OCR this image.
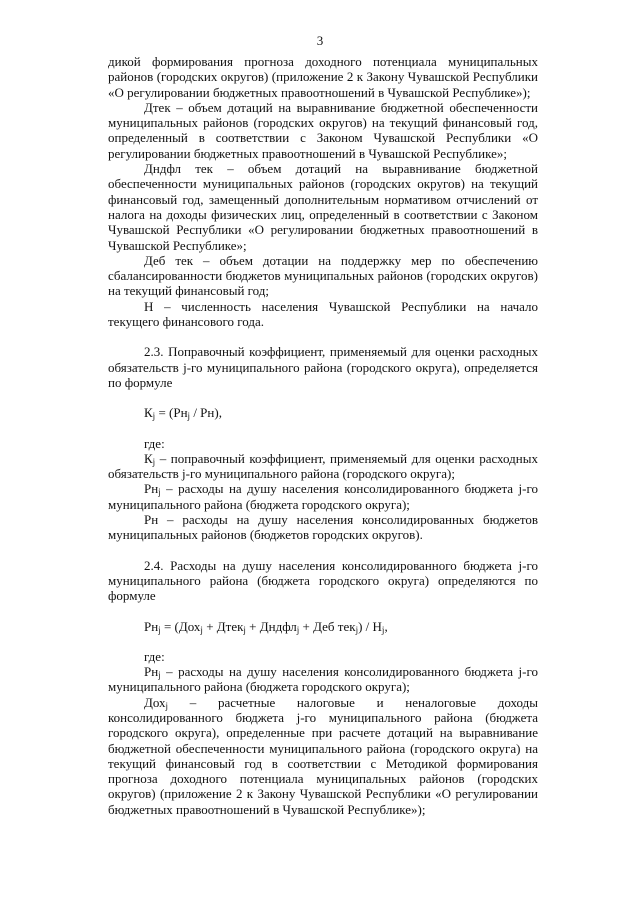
3

дикой формирования прогноза доходного потенциала муниципальных районов (городских округов) (приложение 2 к Закону Чувашской Республики «О регулировании бюджетных правоотношений в Чувашской Республике»);

Дтек – объем дотаций на выравнивание бюджетной обеспеченности муниципальных районов (городских округов) на текущий финансовый год, определенный в соответствии с Законом Чувашской Республики «О регулировании бюджетных правоотношений в Чувашской Республике»;

Дндфл тек – объем дотаций на выравнивание бюджетной обеспеченности муниципальных районов (городских округов) на текущий финансовый год, замещенный дополнительным нормативом отчислений от налога на доходы физических лиц, определенный в соответствии с Законом Чувашской Республики «О регулировании бюджетных правоотношений в Чувашской Республике»;

Деб тек – объем дотации на поддержку мер по обеспечению сбалансированности бюджетов муниципальных районов (городских округов) на текущий финансовый год;

Н – численность населения Чувашской Республики на начало текущего финансового года.

2.3. Поправочный коэффициент, применяемый для оценки расходных обязательств j-го муниципального района (городского округа), определяется по формуле

$К_j = (Рн_j / Рн)$,

где:

$К_j$ – поправочный коэффициент, применяемый для оценки расходных обязательств j-го муниципального района (городского округа);

$Рн_j$ – расходы на душу населения консолидированного бюджета j-го муниципального района (бюджета городского округа);

Рн – расходы на душу населения консолидированных бюджетов муниципальных районов (бюджетов городских округов).

2.4. Расходы на душу населения консолидированного бюджета j-го муниципального района (бюджета городского округа) определяются по формуле

$Рн_j = (Дох_j$ + Дтек$_j$ + Дндфл$_j$ + Деб $тек_j) / Н_j$,

где:

$Рн_j$ – расходы на душу населения консолидированного бюджета j-го муниципального района (бюджета городского округа);

Дох$_j$ – расчетные налоговые и неналоговые доходы консолидированного бюджета j-го муниципального района (бюджета городского округа), определенные при расчете дотаций на выравнивание бюджетной обеспеченности муниципального района (городского округа) на текущий финансовый год в соответствии с Методикой формирования прогноза доходного потенциала муниципальных районов (городских округов) (приложение 2 к Закону Чувашской Республики «О регулировании бюджетных правоотношений в Чувашской Республике»);
